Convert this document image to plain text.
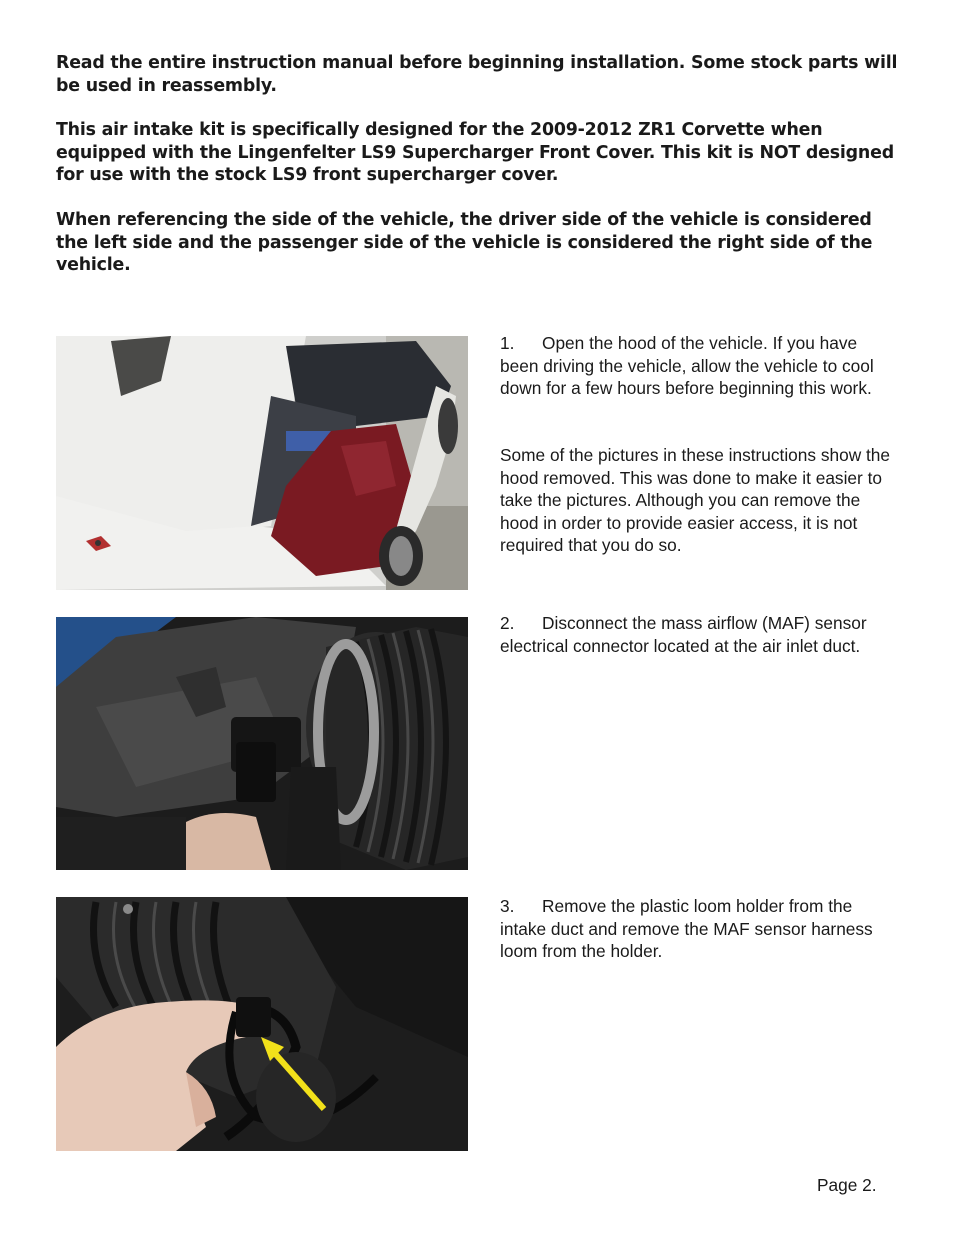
Read the entire instruction manual before beginning installation. Some stock parts will be used in reassembly.

This air intake kit is specifically designed for the 2009-2012 ZR1 Corvette when equipped with the Lingenfelter LS9 Supercharger Front Cover. This kit is NOT designed for use with the stock LS9 front supercharger cover.

When referencing the side of the vehicle, the driver side of the vehicle is considered the left side and the passenger side of the vehicle is considered the right side of the vehicle.

1. Open the hood of the vehicle. If you have been driving the vehicle, allow the vehicle to cool down for a few hours before beginning this work.

Some of the pictures in these instructions show the hood removed. This was done to make it easier to take the pictures. Although you can remove the hood in order to provide easier access, it is not required that you do so.

2. Disconnect the mass airflow (MAF) sensor electrical connector located at the air inlet duct.

3. Remove the plastic loom holder from the intake duct and remove the MAF sensor harness loom from the holder.

Page 2.
